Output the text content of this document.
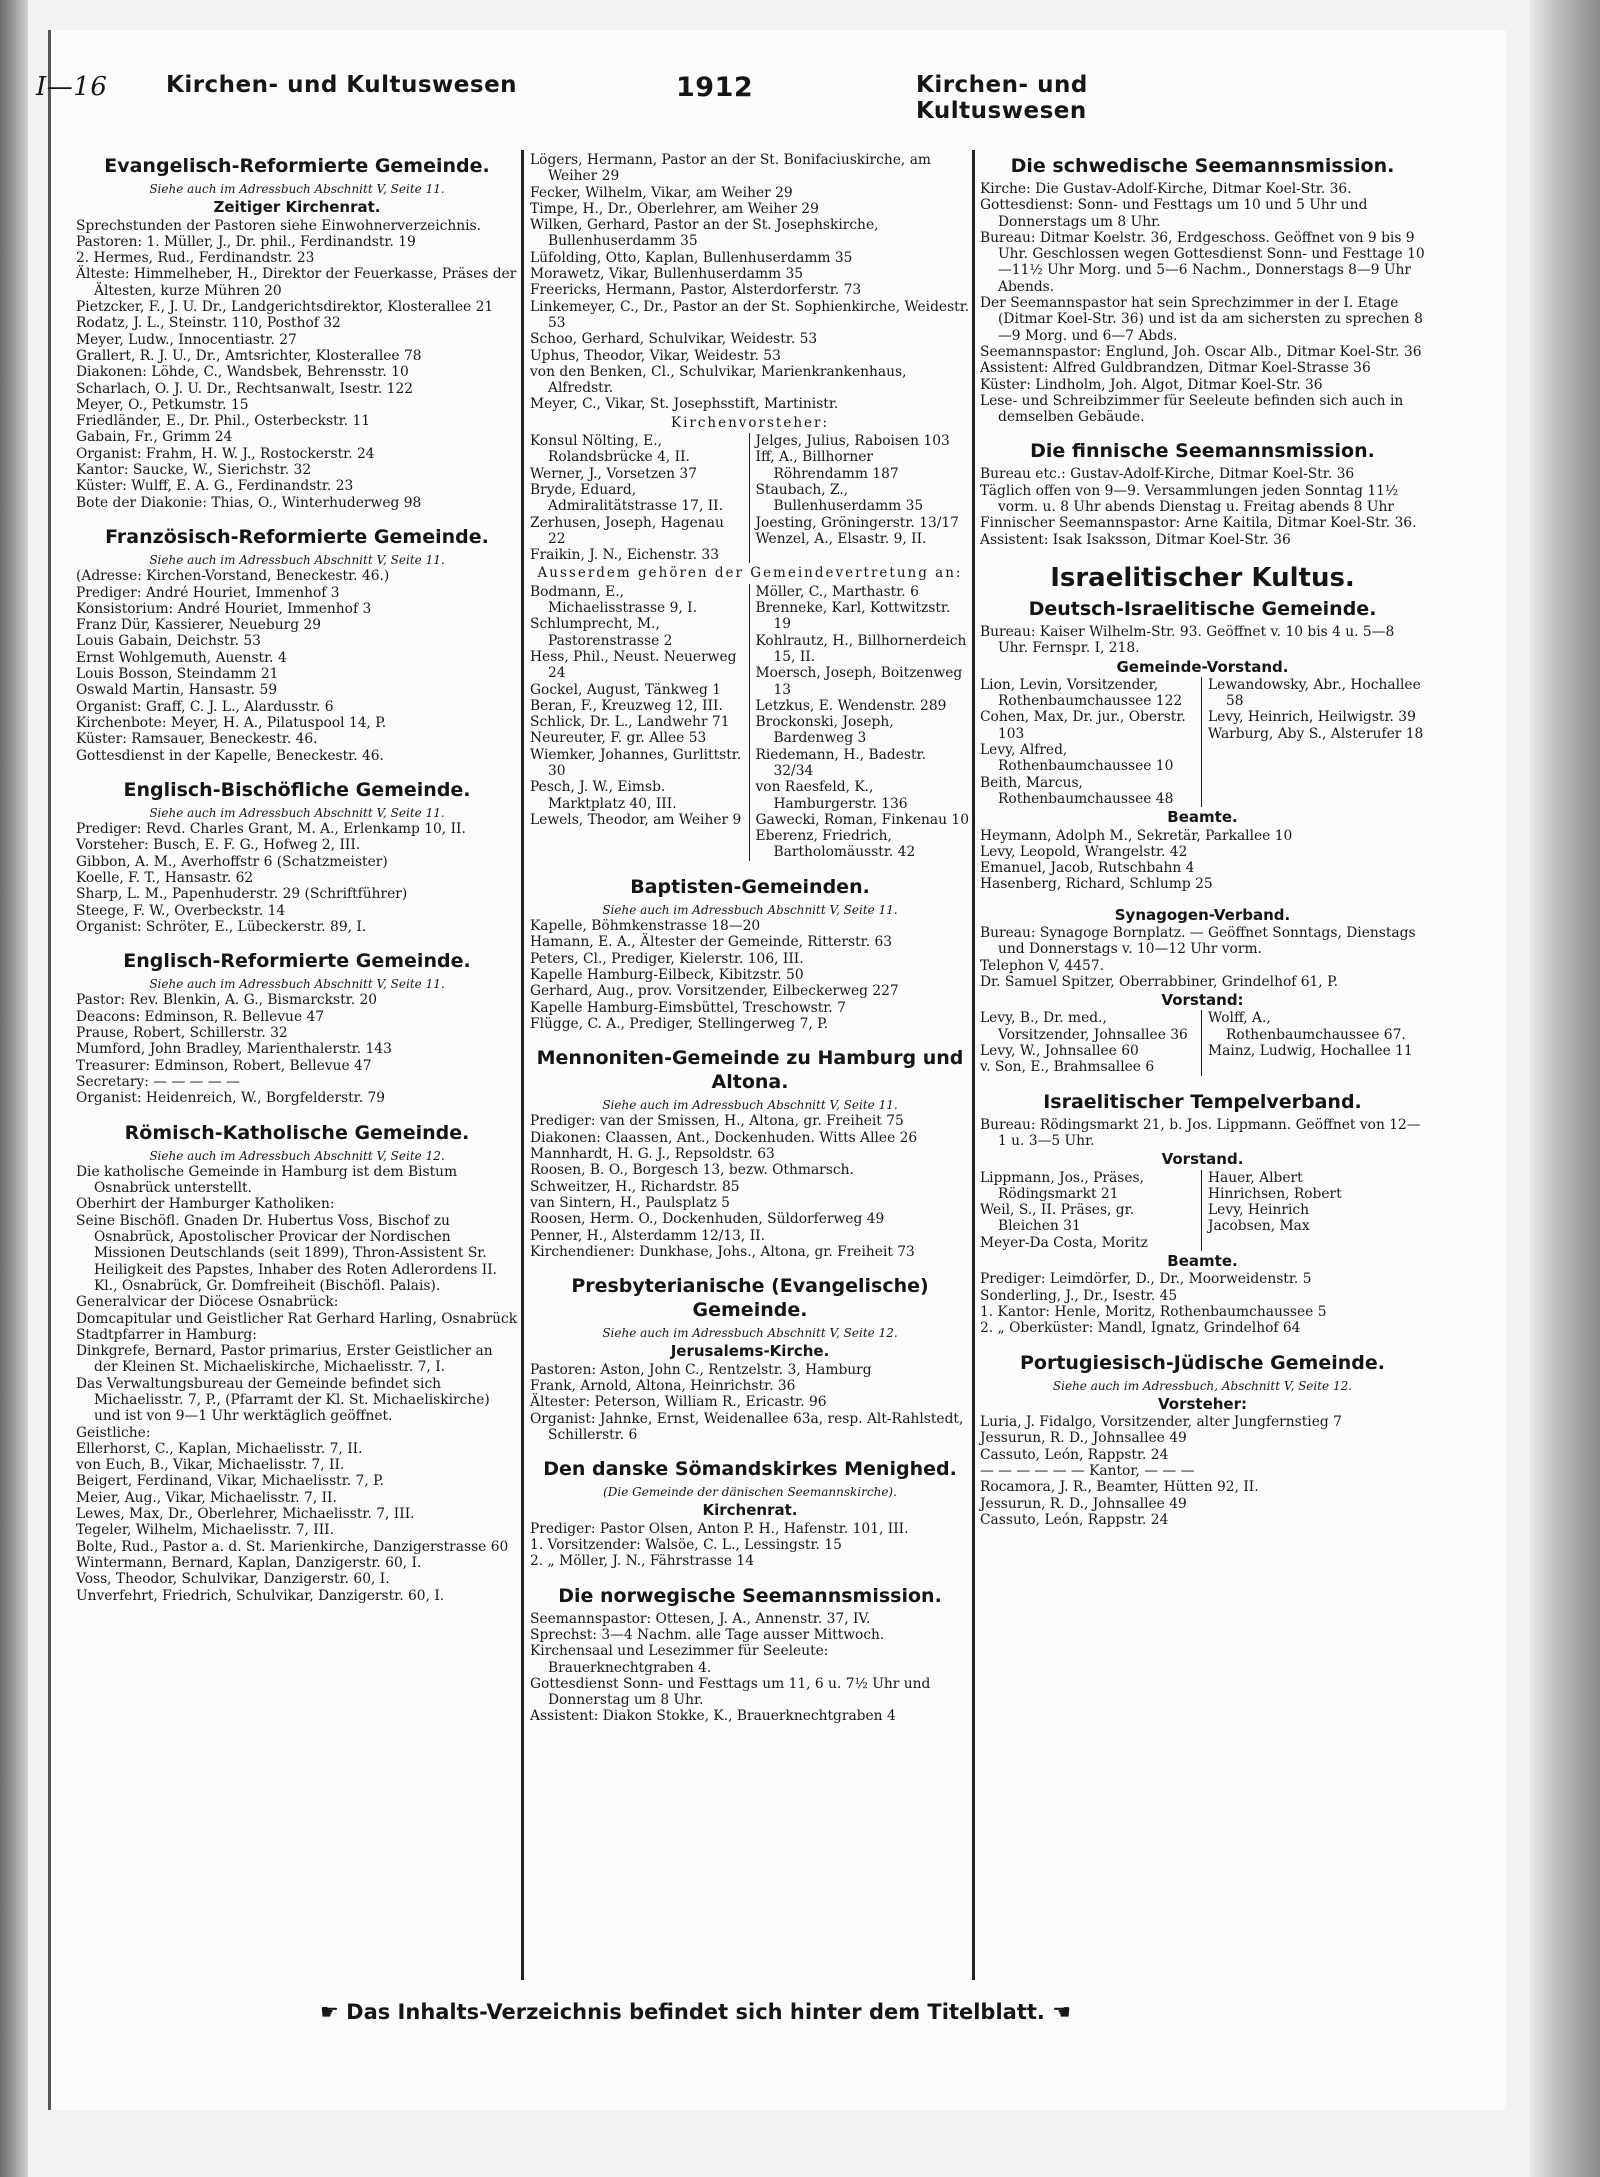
I—16	Kirchen- und Kultuswesen	1912	Kirchen- und Kultuswesen
Evangelisch-Reformierte Gemeinde.
Siehe auch im Adressbuch Abschnitt V, Seite 11.
Zeitiger Kirchenrat.
Sprechstunden der Pastoren siehe Einwohnerverzeichnis.
Pastoren: 1. Müller, J., Dr. phil., Ferdinandstr. 19
2. Hermes, Rud., Ferdinandstr. 23
Älteste: Himmelheber, H., Direktor der Feuerkasse, Präses der Ältesten, kurze Mühren 20
Pietzcker, F., J. U. Dr., Landgerichtsdirektor, Klosterallee 21
Rodatz, J. L., Steinstr. 110, Posthof 32
Meyer, Ludw., Innocentiastr. 27
Grallert, R. J. U., Dr., Amtsrichter, Klosterallee 78
Diakonen: Löhde, C., Wandsbek, Behrensstr. 10
Scharlach, O. J. U. Dr., Rechtsanwalt, Isestr. 122
Meyer, O., Petkumstr. 15
Friedländer, E., Dr. Phil., Osterbeckstr. 11
Gabain, Fr., Grimm 24
Organist: Frahm, H. W. J., Rostockerstr. 24
Kantor: Saucke, W., Sierichstr. 32
Küster: Wulff, E. A. G., Ferdinandstr. 23
Bote der Diakonie: Thias, O., Winterhuderweg 98
Französisch-Reformierte Gemeinde.
Siehe auch im Adressbuch Abschnitt V, Seite 11.
(Adresse: Kirchen-Vorstand, Beneckestr. 46.)
Prediger: André Houriet, Immenhof 3
Konsistorium: André Houriet, Immenhof 3
Franz Dür, Kassierer, Neueburg 29
Louis Gabain, Deichstr. 53
Ernst Wohlgemuth, Auenstr. 4
Louis Bosson, Steindamm 21
Oswald Martin, Hansastr. 59
Organist: Graff, C. J. L., Alardusstr. 6
Kirchenbote: Meyer, H. A., Pilatuspool 14, P.
Küster: Ramsauer, Beneckestr. 46.
Gottesdienst in der Kapelle, Beneckestr. 46.
Englisch-Bischöfliche Gemeinde.
Siehe auch im Adressbuch Abschnitt V, Seite 11.
Prediger: Revd. Charles Grant, M. A., Erlenkamp 10, II.
Vorsteher: Busch, E. F. G., Hofweg 2, III.
Gibbon, A. M., Averhoffstr 6 (Schatzmeister)
Koelle, F. T., Hansastr. 62
Sharp, L. M., Papenhuderstr. 29 (Schriftführer)
Steege, F. W., Overbeckstr. 14
Organist: Schröter, E., Lübeckerstr. 89, I.
Englisch-Reformierte Gemeinde.
Siehe auch im Adressbuch Abschnitt V, Seite 11.
Pastor: Rev. Blenkin, A. G., Bismarckstr. 20
Deacons: Edminson, R. Bellevue 47
Prause, Robert, Schillerstr. 32
Mumford, John Bradley, Marienthalerstr. 143
Treasurer: Edminson, Robert, Bellevue 47
Secretary: — — — — —
Organist: Heidenreich, W., Borgfelderstr. 79
Römisch-Katholische Gemeinde.
Siehe auch im Adressbuch Abschnitt V, Seite 12.
Die katholische Gemeinde in Hamburg ist dem Bistum Osnabrück unterstellt.
Oberhirt der Hamburger Katholiken:
Seine Bischöfl. Gnaden Dr. Hubertus Voss, Bischof zu Osnabrück, Apostolischer Provicar der Nordischen Missionen Deutschlands (seit 1899), Thron-Assistent Sr. Heiligkeit des Papstes, Inhaber des Roten Adlerordens II. Kl., Osnabrück, Gr. Domfreiheit (Bischöfl. Palais).
Generalvicar der Diöcese Osnabrück:
Domcapitular und Geistlicher Rat Gerhard Harling, Osnabrück
Stadtpfarrer in Hamburg:
Dinkgrefe, Bernard, Pastor primarius, Erster Geistlicher an der Kleinen St. Michaeliskirche, Michaelisstr. 7, I.
Das Verwaltungsbureau der Gemeinde befindet sich Michaelisstr. 7, P., (Pfarramt der Kl. St. Michaeliskirche) und ist von 9—1 Uhr werktäglich geöffnet.
Geistliche:
Ellerhorst, C., Kaplan, Michaelisstr. 7, II.
von Euch, B., Vikar, Michaelisstr. 7, II.
Beigert, Ferdinand, Vikar, Michaelisstr. 7, P.
Meier, Aug., Vikar, Michaelisstr. 7, II.
Lewes, Max, Dr., Oberlehrer, Michaelisstr. 7, III.
Tegeler, Wilhelm, Michaelisstr. 7, III.
Bolte, Rud., Pastor a. d. St. Marienkirche, Danzigerstrasse 60
Wintermann, Bernard, Kaplan, Danzigerstr. 60, I.
Voss, Theodor, Schulvikar, Danzigerstr. 60, I.
Unverfehrt, Friedrich, Schulvikar, Danzigerstr. 60, I.
Lögers, Hermann, Pastor an der St. Bonifaciuskirche, am Weiher 29
Fecker, Wilhelm, Vikar, am Weiher 29
Timpe, H., Dr., Oberlehrer, am Weiher 29
Wilken, Gerhard, Pastor an der St. Josephskirche, Bullenhuserdamm 35
Lüfolding, Otto, Kaplan, Bullenhuserdamm 35
Morawetz, Vikar, Bullenhuserdamm 35
Freericks, Hermann, Pastor, Alsterdorferstr. 73
Linkemeyer, C., Dr., Pastor an der St. Sophienkirche, Weidestr. 53
Schoo, Gerhard, Schulvikar, Weidestr. 53
Uphus, Theodor, Vikar, Weidestr. 53
von den Benken, Cl., Schulvikar, Marienkrankenhaus, Alfredstr.
Meyer, C., Vikar, St. Josephsstift, Martinistr.
Kirchenvorsteher:
Konsul Nölting, E., Rolandsbrücke 4, II.
Werner, J., Vorsetzen 37
Bryde, Eduard, Admiralitätstrasse 17, II.
Zerhusen, Joseph, Hagenau 22
Fraikin, J. N., Eichenstr. 33
Jelges, Julius, Raboisen 103
Iff, A., Billhorner Röhrendamm 187
Staubach, Z., Bullenhuserdamm 35
Joesting, Gröningerstr. 13/17
Wenzel, A., Elsastr. 9, II.
Ausserdem gehören der Gemeindevertretung an:
Bodmann, E., Michaelisstrasse 9, I.
Schlumprecht, M., Pastorenstrasse 2
Hess, Phil., Neust. Neuerweg 24
Gockel, August, Tänkweg 1
Beran, F., Kreuzweg 12, III.
Schlick, Dr. L., Landwehr 71
Neureuter, F. gr. Allee 53
Wiemker, Johannes, Gurlittstr. 30
Pesch, J. W., Eimsb. Marktplatz 40, III.
Lewels, Theodor, am Weiher 9
Möller, C., Marthastr. 6
Brenneke, Karl, Kottwitzstr. 19
Kohlrautz, H., Billhornerdeich 15, II.
Moersch, Joseph, Boitzenweg 13
Letzkus, E. Wendenstr. 289
Brockonski, Joseph, Bardenweg 3
Riedemann, H., Badestr. 32/34
von Raesfeld, K., Hamburgerstr. 136
Gawecki, Roman, Finkenau 10
Eberenz, Friedrich, Bartholomäusstr. 42
Baptisten-Gemeinden.
Siehe auch im Adressbuch Abschnitt V, Seite 11.
Kapelle, Böhmkenstrasse 18—20
Hamann, E. A., Ältester der Gemeinde, Ritterstr. 63
Peters, Cl., Prediger, Kielerstr. 106, III.
Kapelle Hamburg-Eilbeck, Kibitzstr. 50
Gerhard, Aug., prov. Vorsitzender, Eilbeckerweg 227
Kapelle Hamburg-Eimsbüttel, Treschowstr. 7
Flügge, C. A., Prediger, Stellingerweg 7, P.
Mennoniten-Gemeinde zu Hamburg und Altona.
Siehe auch im Adressbuch Abschnitt V, Seite 11.
Prediger: van der Smissen, H., Altona, gr. Freiheit 75
Diakonen: Claassen, Ant., Dockenhuden. Witts Allee 26
Mannhardt, H. G. J., Repsoldstr. 63
Roosen, B. O., Borgesch 13, bezw. Othmarsch.
Schweitzer, H., Richardstr. 85
van Sintern, H., Paulsplatz 5
Roosen, Herm. O., Dockenhuden, Süldorferweg 49
Penner, H., Alsterdamm 12/13, II.
Kirchendiener: Dunkhase, Johs., Altona, gr. Freiheit 73
Presbyterianische (Evangelische) Gemeinde.
Siehe auch im Adressbuch Abschnitt V, Seite 12.
Jerusalems-Kirche.
Pastoren: Aston, John C., Rentzelstr. 3, Hamburg
Frank, Arnold, Altona, Heinrichstr. 36
Ältester: Peterson, William R., Ericastr. 96
Organist: Jahnke, Ernst, Weidenallee 63a, resp. Alt-Rahlstedt, Schillerstr. 6
Den danske Sömandskirkes Menighed.
(Die Gemeinde der dänischen Seemannskirche).
Kirchenrat.
Prediger: Pastor Olsen, Anton P. H., Hafenstr. 101, III.
1. Vorsitzender: Walsöe, C. L., Lessingstr. 15
2. „ Möller, J. N., Fährstrasse 14
Die norwegische Seemannsmission.
Seemannspastor: Ottesen, J. A., Annenstr. 37, IV.
Sprechst: 3—4 Nachm. alle Tage ausser Mittwoch.
Kirchensaal und Lesezimmer für Seeleute: Brauerknechtgraben 4.
Gottesdienst Sonn- und Festtags um 11, 6 u. 7½ Uhr und Donnerstag um 8 Uhr.
Assistent: Diakon Stokke, K., Brauerknechtgraben 4
Die schwedische Seemannsmission.
Kirche: Die Gustav-Adolf-Kirche, Ditmar Koel-Str. 36.
Gottesdienst: Sonn- und Festtags um 10 und 5 Uhr und Donnerstags um 8 Uhr.
Bureau: Ditmar Koelstr. 36, Erdgeschoss. Geöffnet von 9 bis 9 Uhr. Geschlossen wegen Gottesdienst Sonn- und Festtage 10—11½ Uhr Morg. und 5—6 Nachm., Donnerstags 8—9 Uhr Abends.
Der Seemannspastor hat sein Sprechzimmer in der I. Etage (Ditmar Koel-Str. 36) und ist da am sichersten zu sprechen 8—9 Morg. und 6—7 Abds.
Seemannspastor: Englund, Joh. Oscar Alb., Ditmar Koel-Str. 36
Assistent: Alfred Guldbrandzen, Ditmar Koel-Strasse 36
Küster: Lindholm, Joh. Algot, Ditmar Koel-Str. 36
Lese- und Schreibzimmer für Seeleute befinden sich auch in demselben Gebäude.
Die finnische Seemannsmission.
Bureau etc.: Gustav-Adolf-Kirche, Ditmar Koel-Str. 36
Täglich offen von 9—9. Versammlungen jeden Sonntag 11½ vorm. u. 8 Uhr abends Dienstag u. Freitag abends 8 Uhr
Finnischer Seemannspastor: Arne Kaitila, Ditmar Koel-Str. 36.
Assistent: Isak Isaksson, Ditmar Koel-Str. 36
Israelitischer Kultus.
Deutsch-Israelitische Gemeinde.
Bureau: Kaiser Wilhelm-Str. 93. Geöffnet v. 10 bis 4 u. 5—8 Uhr. Fernspr. I, 218.
Gemeinde-Vorstand.
Lion, Levin, Vorsitzender, Rothenbaumchaussee 122
Cohen, Max, Dr. jur., Oberstr. 103
Levy, Alfred, Rothenbaumchaussee 10
Beith, Marcus, Rothenbaumchaussee 48
Lewandowsky, Abr., Hochallee 58
Levy, Heinrich, Heilwigstr. 39
Warburg, Aby S., Alsterufer 18
Beamte.
Heymann, Adolph M., Sekretär, Parkallee 10
Levy, Leopold, Wrangelstr. 42
Emanuel, Jacob, Rutschbahn 4
Hasenberg, Richard, Schlump 25
Synagogen-Verband.
Bureau: Synagoge Bornplatz. — Geöffnet Sonntags, Dienstags und Donnerstags v. 10—12 Uhr vorm.
Telephon V, 4457.
Dr. Samuel Spitzer, Oberrabbiner, Grindelhof 61, P.
Vorstand:
Levy, B., Dr. med., Vorsitzender, Johnsallee 36
Levy, W., Johnsallee 60
v. Son, E., Brahmsallee 6
Wolff, A., Rothenbaumchaussee 67.
Mainz, Ludwig, Hochallee 11
Israelitischer Tempelverband.
Bureau: Rödingsmarkt 21, b. Jos. Lippmann. Geöffnet von 12—1 u. 3—5 Uhr.
Vorstand.
Lippmann, Jos., Präses, Rödingsmarkt 21
Weil, S., II. Präses, gr. Bleichen 31
Meyer-Da Costa, Moritz
Hauer, Albert
Hinrichsen, Robert
Levy, Heinrich
Jacobsen, Max
Beamte.
Prediger: Leimdörfer, D., Dr., Moorweidenstr. 5
Sonderling, J., Dr., Isestr. 45
1. Kantor: Henle, Moritz, Rothenbaumchaussee 5
2. „ Oberküster: Mandl, Ignatz, Grindelhof 64
Portugiesisch-Jüdische Gemeinde.
Siehe auch im Adressbuch, Abschnitt V, Seite 12.
Vorsteher:
Luria, J. Fidalgo, Vorsitzender, alter Jungfernstieg 7
Jessurun, R. D., Johnsallee 49
Cassuto, León, Rappstr. 24
— — — — — — Kantor, — — —
Rocamora, J. R., Beamter, Hütten 92, II.
Jessurun, R. D., Johnsallee 49
Cassuto, León, Rappstr. 24
☛ Das Inhalts-Verzeichnis befindet sich hinter dem Titelblatt. ☚
